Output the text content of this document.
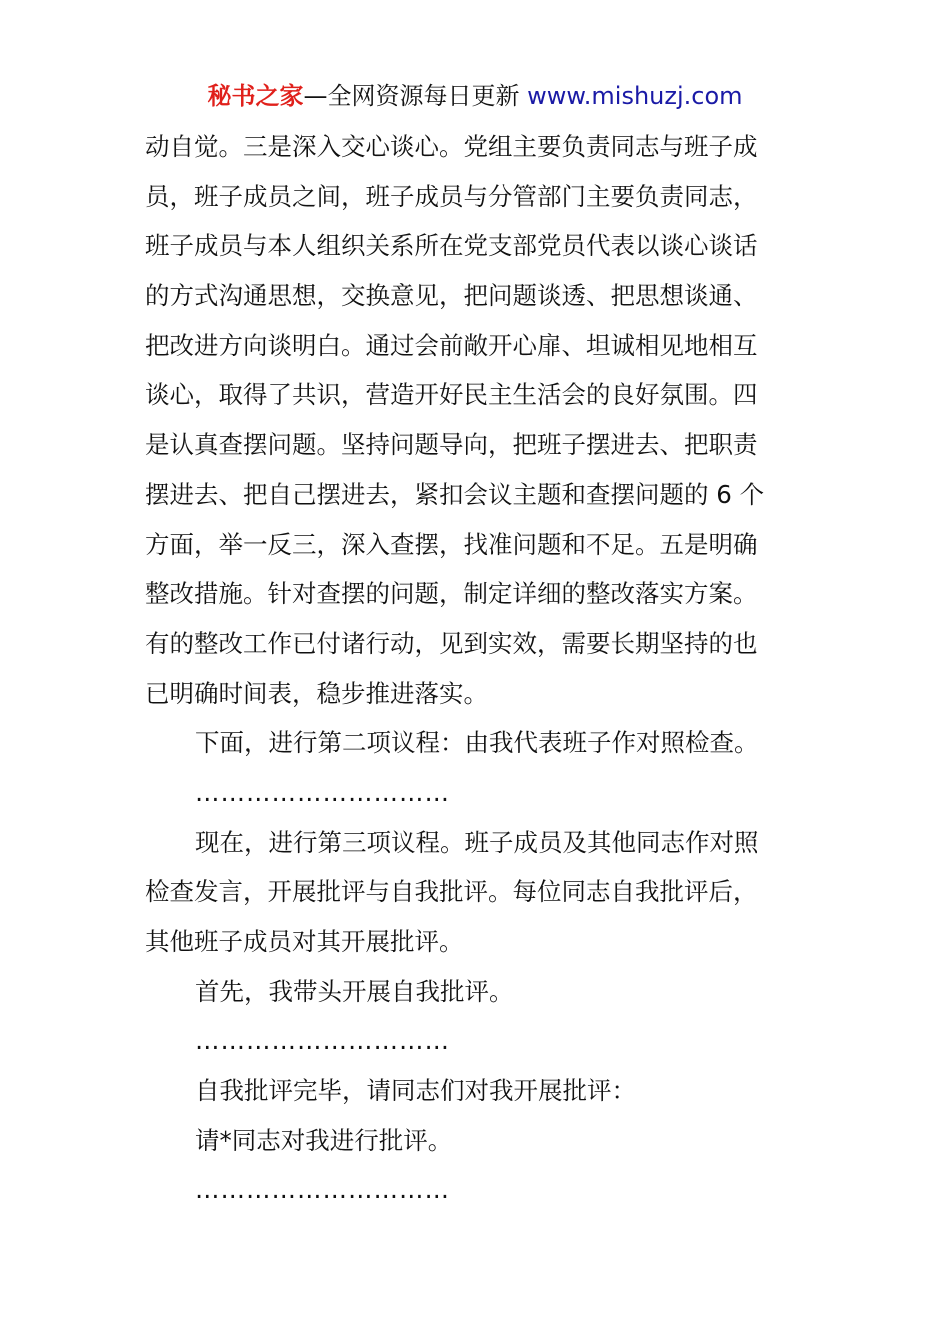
秘书之家—全网资源每日更新 www.mishuzj.com
动自觉。三是深入交心谈心。党组主要负责同志与班子成
员，班子成员之间，班子成员与分管部门主要负责同志，
班子成员与本人组织关系所在党支部党员代表以谈心谈话
的方式沟通思想，交换意见，把问题谈透、把思想谈通、
把改进方向谈明白。通过会前敞开心扉、坦诚相见地相互
谈心，取得了共识，营造开好民主生活会的良好氛围。四
是认真查摆问题。坚持问题导向，把班子摆进去、把职责
摆进去、把自己摆进去，紧扣会议主题和查摆问题的 6 个
方面，举一反三，深入查摆，找准问题和不足。五是明确
整改措施。针对查摆的问题，制定详细的整改落实方案。
有的整改工作已付诸行动，见到实效，需要长期坚持的也
已明确时间表，稳步推进落实。
下面，进行第二项议程：由我代表班子作对照检查。
…………………………
现在，进行第三项议程。班子成员及其他同志作对照
检查发言，开展批评与自我批评。每位同志自我批评后，
其他班子成员对其开展批评。
首先，我带头开展自我批评。
…………………………
自我批评完毕，请同志们对我开展批评：
请*同志对我进行批评。
…………………………
